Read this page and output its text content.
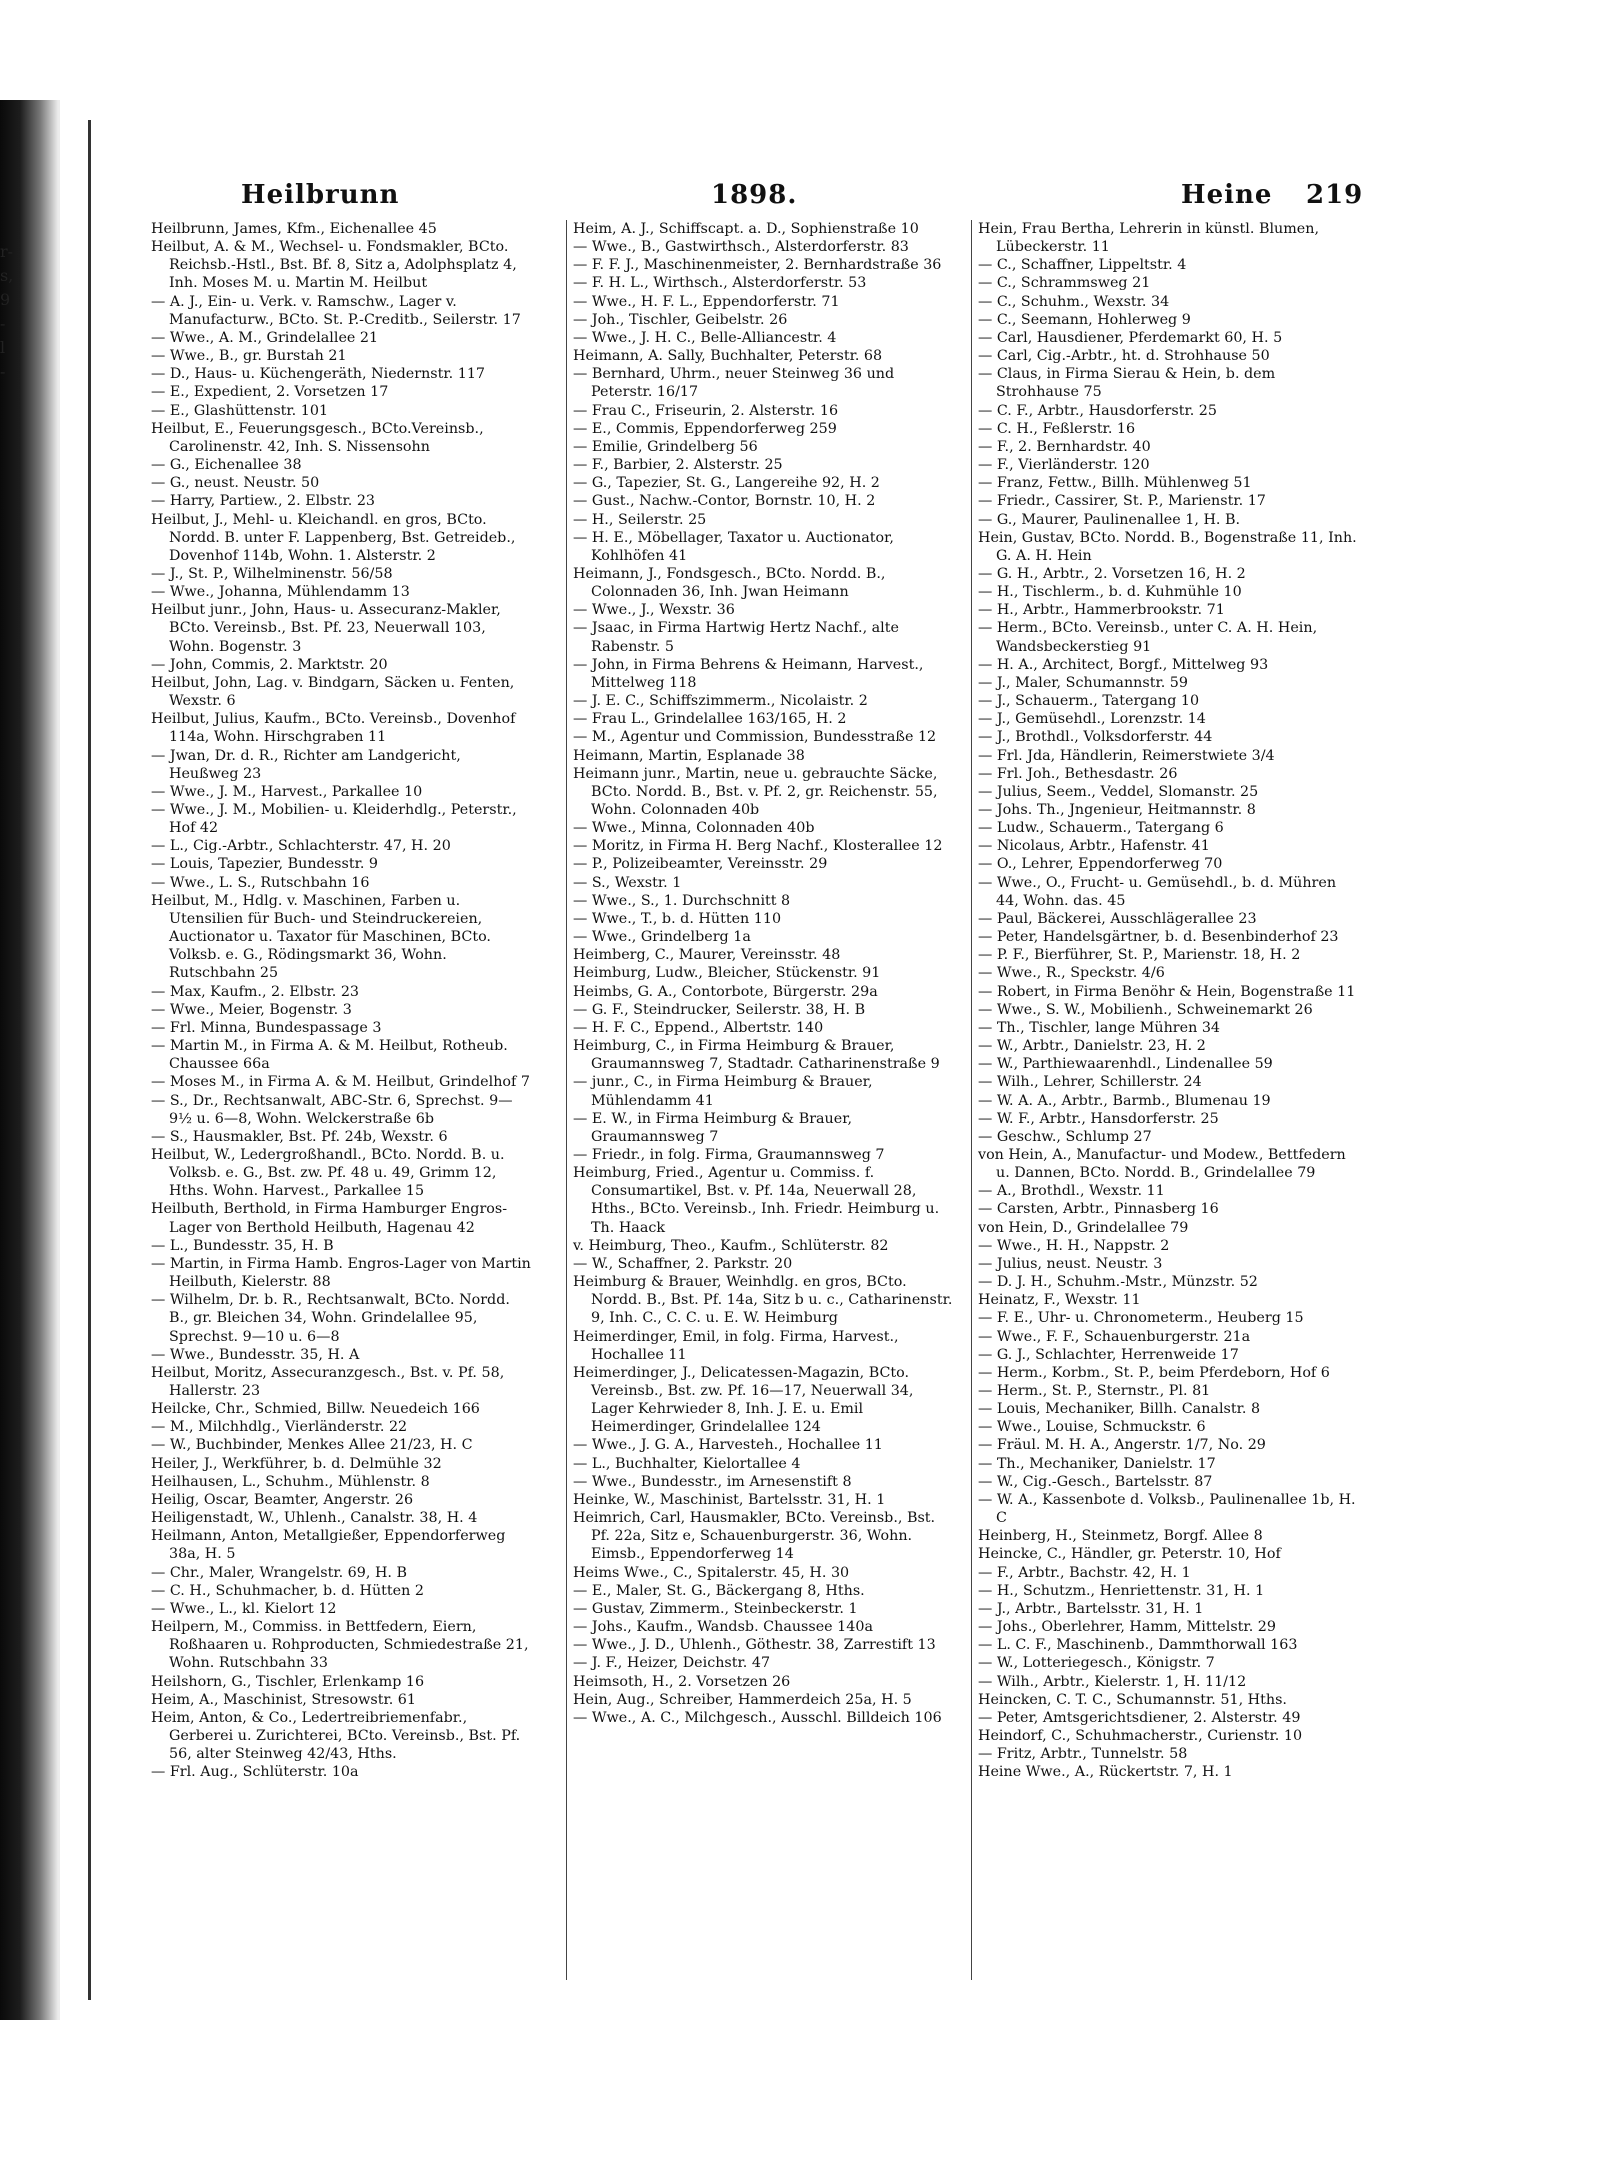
r-
s,
9
-
l
-
Heilbrunn	1898.	Heine 219

Heilbrunn, James, Kfm., Eichenallee 45

Heilbut, A. & M., Wechsel- u. Fondsmakler, BCto. Reichsb.-Hstl., Bst. Bf. 8, Sitz a, Adolphsplatz 4, Inh. Moses M. u. Martin M. Heilbut

— A. J., Ein- u. Verk. v. Ramschw., Lager v. Manufacturw., BCto. St. P.-Creditb., Seilerstr. 17

— Wwe., A. M., Grindelallee 21

— Wwe., B., gr. Burstah 21

— D., Haus- u. Küchengeräth, Niedernstr. 117

— E., Expedient, 2. Vorsetzen 17

— E., Glashüttenstr. 101

Heilbut, E., Feuerungsgesch., BCto.Vereinsb., Carolinenstr. 42, Inh. S. Nissensohn

— G., Eichenallee 38

— G., neust. Neustr. 50

— Harry, Partiew., 2. Elbstr. 23

Heilbut, J., Mehl- u. Kleichandl. en gros, BCto. Nordd. B. unter F. Lappenberg, Bst. Getreideb., Dovenhof 114b, Wohn. 1. Alsterstr. 2

— J., St. P., Wilhelminenstr. 56/58

— Wwe., Johanna, Mühlendamm 13

Heilbut junr., John, Haus- u. Assecuranz-Makler, BCto. Vereinsb., Bst. Pf. 23, Neuerwall 103, Wohn. Bogenstr. 3

— John, Commis, 2. Marktstr. 20

Heilbut, John, Lag. v. Bindgarn, Säcken u. Fenten, Wexstr. 6

Heilbut, Julius, Kaufm., BCto. Vereinsb., Dovenhof 114a, Wohn. Hirschgraben 11

— Jwan, Dr. d. R., Richter am Landgericht, Heußweg 23

— Wwe., J. M., Harvest., Parkallee 10

— Wwe., J. M., Mobilien- u. Kleiderhdlg., Peterstr., Hof 42

— L., Cig.-Arbtr., Schlachterstr. 47, H. 20

— Louis, Tapezier, Bundesstr. 9

— Wwe., L. S., Rutschbahn 16

Heilbut, M., Hdlg. v. Maschinen, Farben u. Utensilien für Buch- und Steindruckereien, Auctionator u. Taxator für Maschinen, BCto. Volksb. e. G., Rödingsmarkt 36, Wohn. Rutschbahn 25

— Max, Kaufm., 2. Elbstr. 23

— Wwe., Meier, Bogenstr. 3

— Frl. Minna, Bundespassage 3

— Martin M., in Firma A. & M. Heilbut, Rotheub. Chaussee 66a

— Moses M., in Firma A. & M. Heilbut, Grindelhof 7

— S., Dr., Rechtsanwalt, ABC-Str. 6, Sprechst. 9—9½ u. 6—8, Wohn. Welckerstraße 6b

— S., Hausmakler, Bst. Pf. 24b, Wexstr. 6

Heilbut, W., Ledergroßhandl., BCto. Nordd. B. u. Volksb. e. G., Bst. zw. Pf. 48 u. 49, Grimm 12, Hths. Wohn. Harvest., Parkallee 15

Heilbuth, Berthold, in Firma Hamburger Engros-Lager von Berthold Heilbuth, Hagenau 42

— L., Bundesstr. 35, H. B

— Martin, in Firma Hamb. Engros-Lager von Martin Heilbuth, Kielerstr. 88

— Wilhelm, Dr. b. R., Rechtsanwalt, BCto. Nordd. B., gr. Bleichen 34, Wohn. Grindelallee 95, Sprechst. 9—10 u. 6—8

— Wwe., Bundesstr. 35, H. A

Heilbut, Moritz, Assecuranzgesch., Bst. v. Pf. 58, Hallerstr. 23

Heilcke, Chr., Schmied, Billw. Neuedeich 166

— M., Milchhdlg., Vierländerstr. 22

— W., Buchbinder, Menkes Allee 21/23, H. C

Heiler, J., Werkführer, b. d. Delmühle 32

Heilhausen, L., Schuhm., Mühlenstr. 8

Heilig, Oscar, Beamter, Angerstr. 26

Heiligenstadt, W., Uhlenh., Canalstr. 38, H. 4

Heilmann, Anton, Metallgießer, Eppendorferweg 38a, H. 5

— Chr., Maler, Wrangelstr. 69, H. B

— C. H., Schuhmacher, b. d. Hütten 2

— Wwe., L., kl. Kielort 12

Heilpern, M., Commiss. in Bettfedern, Eiern, Roßhaaren u. Rohproducten, Schmiedestraße 21, Wohn. Rutschbahn 33

Heilshorn, G., Tischler, Erlenkamp 16

Heim, A., Maschinist, Stresowstr. 61

Heim, Anton, & Co., Ledertreibriemenfabr., Gerberei u. Zurichterei, BCto. Vereinsb., Bst. Pf. 56, alter Steinweg 42/43, Hths.

— Frl. Aug., Schlüterstr. 10a

Heim, A. J., Schiffscapt. a. D., Sophienstraße 10

— Wwe., B., Gastwirthsch., Alsterdorferstr. 83

— F. F. J., Maschinenmeister, 2. Bernhardstraße 36

— F. H. L., Wirthsch., Alsterdorferstr. 53

— Wwe., H. F. L., Eppendorferstr. 71

— Joh., Tischler, Geibelstr. 26

— Wwe., J. H. C., Belle-Alliancestr. 4

Heimann, A. Sally, Buchhalter, Peterstr. 68

— Bernhard, Uhrm., neuer Steinweg 36 und Peterstr. 16/17

— Frau C., Friseurin, 2. Alsterstr. 16

— E., Commis, Eppendorferweg 259

— Emilie, Grindelberg 56

— F., Barbier, 2. Alsterstr. 25

— G., Tapezier, St. G., Langereihe 92, H. 2

— Gust., Nachw.-Contor, Bornstr. 10, H. 2

— H., Seilerstr. 25

— H. E., Möbellager, Taxator u. Auctionator, Kohlhöfen 41

Heimann, J., Fondsgesch., BCto. Nordd. B., Colonnaden 36, Inh. Jwan Heimann

— Wwe., J., Wexstr. 36

— Jsaac, in Firma Hartwig Hertz Nachf., alte Rabenstr. 5

— John, in Firma Behrens & Heimann, Harvest., Mittelweg 118

— J. E. C., Schiffszimmerm., Nicolaistr. 2

— Frau L., Grindelallee 163/165, H. 2

— M., Agentur und Commission, Bundesstraße 12

Heimann, Martin, Esplanade 38

Heimann junr., Martin, neue u. gebrauchte Säcke, BCto. Nordd. B., Bst. v. Pf. 2, gr. Reichenstr. 55, Wohn. Colonnaden 40b

— Wwe., Minna, Colonnaden 40b

— Moritz, in Firma H. Berg Nachf., Klosterallee 12

— P., Polizeibeamter, Vereinsstr. 29

— S., Wexstr. 1

— Wwe., S., 1. Durchschnitt 8

— Wwe., T., b. d. Hütten 110

— Wwe., Grindelberg 1a

Heimberg, C., Maurer, Vereinsstr. 48

Heimburg, Ludw., Bleicher, Stückenstr. 91

Heimbs, G. A., Contorbote, Bürgerstr. 29a

— G. F., Steindrucker, Seilerstr. 38, H. B

— H. F. C., Eppend., Albertstr. 140

Heimburg, C., in Firma Heimburg & Brauer, Graumannsweg 7, Stadtadr. Catharinenstraße 9

— junr., C., in Firma Heimburg & Brauer, Mühlendamm 41

— E. W., in Firma Heimburg & Brauer, Graumannsweg 7

— Friedr., in folg. Firma, Graumannsweg 7

Heimburg, Fried., Agentur u. Commiss. f. Consumartikel, Bst. v. Pf. 14a, Neuerwall 28, Hths., BCto. Vereinsb., Inh. Friedr. Heimburg u. Th. Haack

v. Heimburg, Theo., Kaufm., Schlüterstr. 82

— W., Schaffner, 2. Parkstr. 20

Heimburg & Brauer, Weinhdlg. en gros, BCto. Nordd. B., Bst. Pf. 14a, Sitz b u. c., Catharinenstr. 9, Inh. C., C. C. u. E. W. Heimburg

Heimerdinger, Emil, in folg. Firma, Harvest., Hochallee 11

Heimerdinger, J., Delicatessen-Magazin, BCto. Vereinsb., Bst. zw. Pf. 16—17, Neuerwall 34, Lager Kehrwieder 8, Inh. J. E. u. Emil Heimerdinger, Grindelallee 124

— Wwe., J. G. A., Harvesteh., Hochallee 11

— L., Buchhalter, Kielortallee 4

— Wwe., Bundesstr., im Arnesenstift 8

Heinke, W., Maschinist, Bartelsstr. 31, H. 1

Heimrich, Carl, Hausmakler, BCto. Vereinsb., Bst. Pf. 22a, Sitz e, Schauenburgerstr. 36, Wohn. Eimsb., Eppendorferweg 14

Heims Wwe., C., Spitalerstr. 45, H. 30

— E., Maler, St. G., Bäckergang 8, Hths.

— Gustav, Zimmerm., Steinbeckerstr. 1

— Johs., Kaufm., Wandsb. Chaussee 140a

— Wwe., J. D., Uhlenh., Göthestr. 38, Zarrestift 13

— J. F., Heizer, Deichstr. 47

Heimsoth, H., 2. Vorsetzen 26

Hein, Aug., Schreiber, Hammerdeich 25a, H. 5

— Wwe., A. C., Milchgesch., Ausschl. Billdeich 106

Hein, Frau Bertha, Lehrerin in künstl. Blumen, Lübeckerstr. 11

— C., Schaffner, Lippeltstr. 4

— C., Schrammsweg 21

— C., Schuhm., Wexstr. 34

— C., Seemann, Hohlerweg 9

— Carl, Hausdiener, Pferdemarkt 60, H. 5

— Carl, Cig.-Arbtr., ht. d. Strohhause 50

— Claus, in Firma Sierau & Hein, b. dem Strohhause 75

— C. F., Arbtr., Hausdorferstr. 25

— C. H., Feßlerstr. 16

— F., 2. Bernhardstr. 40

— F., Vierländerstr. 120

— Franz, Fettw., Billh. Mühlenweg 51

— Friedr., Cassirer, St. P., Marienstr. 17

— G., Maurer, Paulinenallee 1, H. B.

Hein, Gustav, BCto. Nordd. B., Bogenstraße 11, Inh. G. A. H. Hein

— G. H., Arbtr., 2. Vorsetzen 16, H. 2

— H., Tischlerm., b. d. Kuhmühle 10

— H., Arbtr., Hammerbrookstr. 71

— Herm., BCto. Vereinsb., unter C. A. H. Hein, Wandsbeckerstieg 91

— H. A., Architect, Borgf., Mittelweg 93

— J., Maler, Schumannstr. 59

— J., Schauerm., Tatergang 10

— J., Gemüsehdl., Lorenzstr. 14

— J., Brothdl., Volksdorferstr. 44

— Frl. Jda, Händlerin, Reimerstwiete 3/4

— Frl. Joh., Bethesdastr. 26

— Julius, Seem., Veddel, Slomanstr. 25

— Johs. Th., Jngenieur, Heitmannstr. 8

— Ludw., Schauerm., Tatergang 6

— Nicolaus, Arbtr., Hafenstr. 41

— O., Lehrer, Eppendorferweg 70

— Wwe., O., Frucht- u. Gemüsehdl., b. d. Mühren 44, Wohn. das. 45

— Paul, Bäckerei, Ausschlägerallee 23

— Peter, Handelsgärtner, b. d. Besenbinderhof 23

— P. F., Bierführer, St. P., Marienstr. 18, H. 2

— Wwe., R., Speckstr. 4/6

— Robert, in Firma Benöhr & Hein, Bogenstraße 11

— Wwe., S. W., Mobilienh., Schweinemarkt 26

— Th., Tischler, lange Mühren 34

— W., Arbtr., Danielstr. 23, H. 2

— W., Parthiewaarenhdl., Lindenallee 59

— Wilh., Lehrer, Schillerstr. 24

— W. A. A., Arbtr., Barmb., Blumenau 19

— W. F., Arbtr., Hansdorferstr. 25

— Geschw., Schlump 27

von Hein, A., Manufactur- und Modew., Bettfedern u. Dannen, BCto. Nordd. B., Grindelallee 79

— A., Brothdl., Wexstr. 11

— Carsten, Arbtr., Pinnasberg 16

von Hein, D., Grindelallee 79

— Wwe., H. H., Nappstr. 2

— Julius, neust. Neustr. 3

— D. J. H., Schuhm.-Mstr., Münzstr. 52

Heinatz, F., Wexstr. 11

— F. E., Uhr- u. Chronometerm., Heuberg 15

— Wwe., F. F., Schauenburgerstr. 21a

— G. J., Schlachter, Herrenweide 17

— Herm., Korbm., St. P., beim Pferdeborn, Hof 6

— Herm., St. P., Sternstr., Pl. 81

— Louis, Mechaniker, Billh. Canalstr. 8

— Wwe., Louise, Schmuckstr. 6

— Fräul. M. H. A., Angerstr. 1/7, No. 29

— Th., Mechaniker, Danielstr. 17

— W., Cig.-Gesch., Bartelsstr. 87

— W. A., Kassenbote d. Volksb., Paulinenallee 1b, H. C

Heinberg, H., Steinmetz, Borgf. Allee 8

Heincke, C., Händler, gr. Peterstr. 10, Hof

— F., Arbtr., Bachstr. 42, H. 1

— H., Schutzm., Henriettenstr. 31, H. 1

— J., Arbtr., Bartelsstr. 31, H. 1

— Johs., Oberlehrer, Hamm, Mittelstr. 29

— L. C. F., Maschinenb., Dammthorwall 163

— W., Lotteriegesch., Königstr. 7

— Wilh., Arbtr., Kielerstr. 1, H. 11/12

Heincken, C. T. C., Schumannstr. 51, Hths.

— Peter, Amtsgerichtsdiener, 2. Alsterstr. 49

Heindorf, C., Schuhmacherstr., Curienstr. 10

— Fritz, Arbtr., Tunnelstr. 58

Heine Wwe., A., Rückertstr. 7, H. 1
